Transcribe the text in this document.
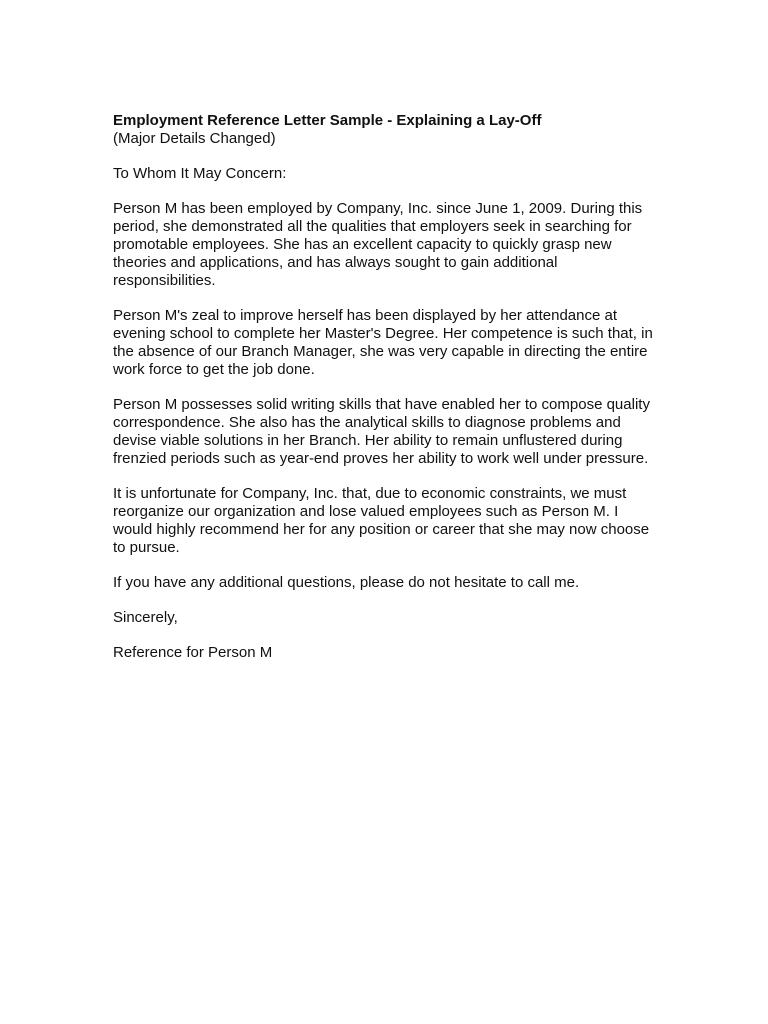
Employment Reference Letter Sample - Explaining a Lay-Off
(Major Details Changed)

To Whom It May Concern:

Person M has been employed by Company, Inc. since June 1, 2009. During this
period, she demonstrated all the qualities that employers seek in searching for
promotable employees. She has an excellent capacity to quickly grasp new
theories and applications, and has always sought to gain additional
responsibilities.

Person M's zeal to improve herself has been displayed by her attendance at
evening school to complete her Master's Degree. Her competence is such that, in
the absence of our Branch Manager, she was very capable in directing the entire
work force to get the job done.

Person M possesses solid writing skills that have enabled her to compose quality
correspondence. She also has the analytical skills to diagnose problems and
devise viable solutions in her Branch. Her ability to remain unflustered during
frenzied periods such as year-end proves her ability to work well under pressure.

It is unfortunate for Company, Inc. that, due to economic constraints, we must
reorganize our organization and lose valued employees such as Person M. I
would highly recommend her for any position or career that she may now choose
to pursue.

If you have any additional questions, please do not hesitate to call me.

Sincerely,

Reference for Person M
